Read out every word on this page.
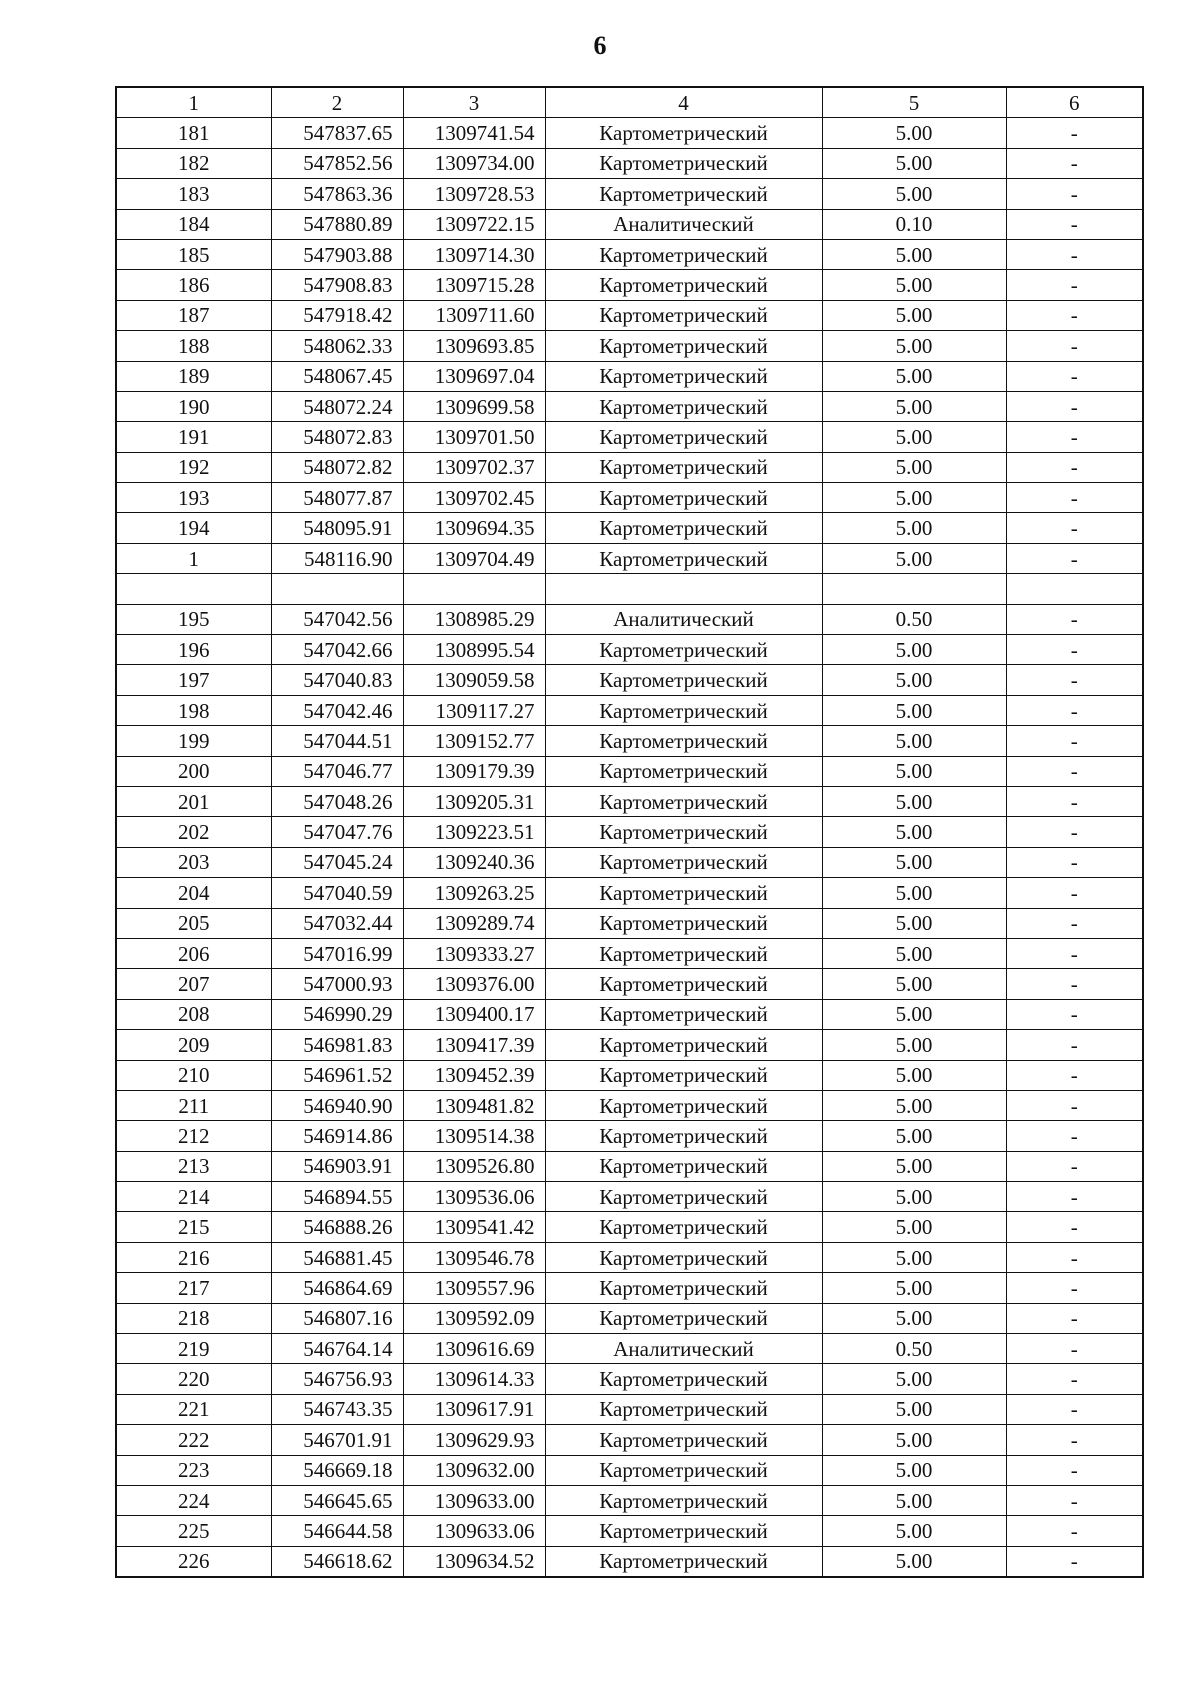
6
1	2	3	4	5	6
181	547837.65	1309741.54	Картометрический	5.00	-
182	547852.56	1309734.00	Картометрический	5.00	-
183	547863.36	1309728.53	Картометрический	5.00	-
184	547880.89	1309722.15	Аналитический	0.10	-
185	547903.88	1309714.30	Картометрический	5.00	-
186	547908.83	1309715.28	Картометрический	5.00	-
187	547918.42	1309711.60	Картометрический	5.00	-
188	548062.33	1309693.85	Картометрический	5.00	-
189	548067.45	1309697.04	Картометрический	5.00	-
190	548072.24	1309699.58	Картометрический	5.00	-
191	548072.83	1309701.50	Картометрический	5.00	-
192	548072.82	1309702.37	Картометрический	5.00	-
193	548077.87	1309702.45	Картометрический	5.00	-
194	548095.91	1309694.35	Картометрический	5.00	-
1	548116.90	1309704.49	Картометрический	5.00	-

195	547042.56	1308985.29	Аналитический	0.50	-
196	547042.66	1308995.54	Картометрический	5.00	-
197	547040.83	1309059.58	Картометрический	5.00	-
198	547042.46	1309117.27	Картометрический	5.00	-
199	547044.51	1309152.77	Картометрический	5.00	-
200	547046.77	1309179.39	Картометрический	5.00	-
201	547048.26	1309205.31	Картометрический	5.00	-
202	547047.76	1309223.51	Картометрический	5.00	-
203	547045.24	1309240.36	Картометрический	5.00	-
204	547040.59	1309263.25	Картометрический	5.00	-
205	547032.44	1309289.74	Картометрический	5.00	-
206	547016.99	1309333.27	Картометрический	5.00	-
207	547000.93	1309376.00	Картометрический	5.00	-
208	546990.29	1309400.17	Картометрический	5.00	-
209	546981.83	1309417.39	Картометрический	5.00	-
210	546961.52	1309452.39	Картометрический	5.00	-
211	546940.90	1309481.82	Картометрический	5.00	-
212	546914.86	1309514.38	Картометрический	5.00	-
213	546903.91	1309526.80	Картометрический	5.00	-
214	546894.55	1309536.06	Картометрический	5.00	-
215	546888.26	1309541.42	Картометрический	5.00	-
216	546881.45	1309546.78	Картометрический	5.00	-
217	546864.69	1309557.96	Картометрический	5.00	-
218	546807.16	1309592.09	Картометрический	5.00	-
219	546764.14	1309616.69	Аналитический	0.50	-
220	546756.93	1309614.33	Картометрический	5.00	-
221	546743.35	1309617.91	Картометрический	5.00	-
222	546701.91	1309629.93	Картометрический	5.00	-
223	546669.18	1309632.00	Картометрический	5.00	-
224	546645.65	1309633.00	Картометрический	5.00	-
225	546644.58	1309633.06	Картометрический	5.00	-
226	546618.62	1309634.52	Картометрический	5.00	-
